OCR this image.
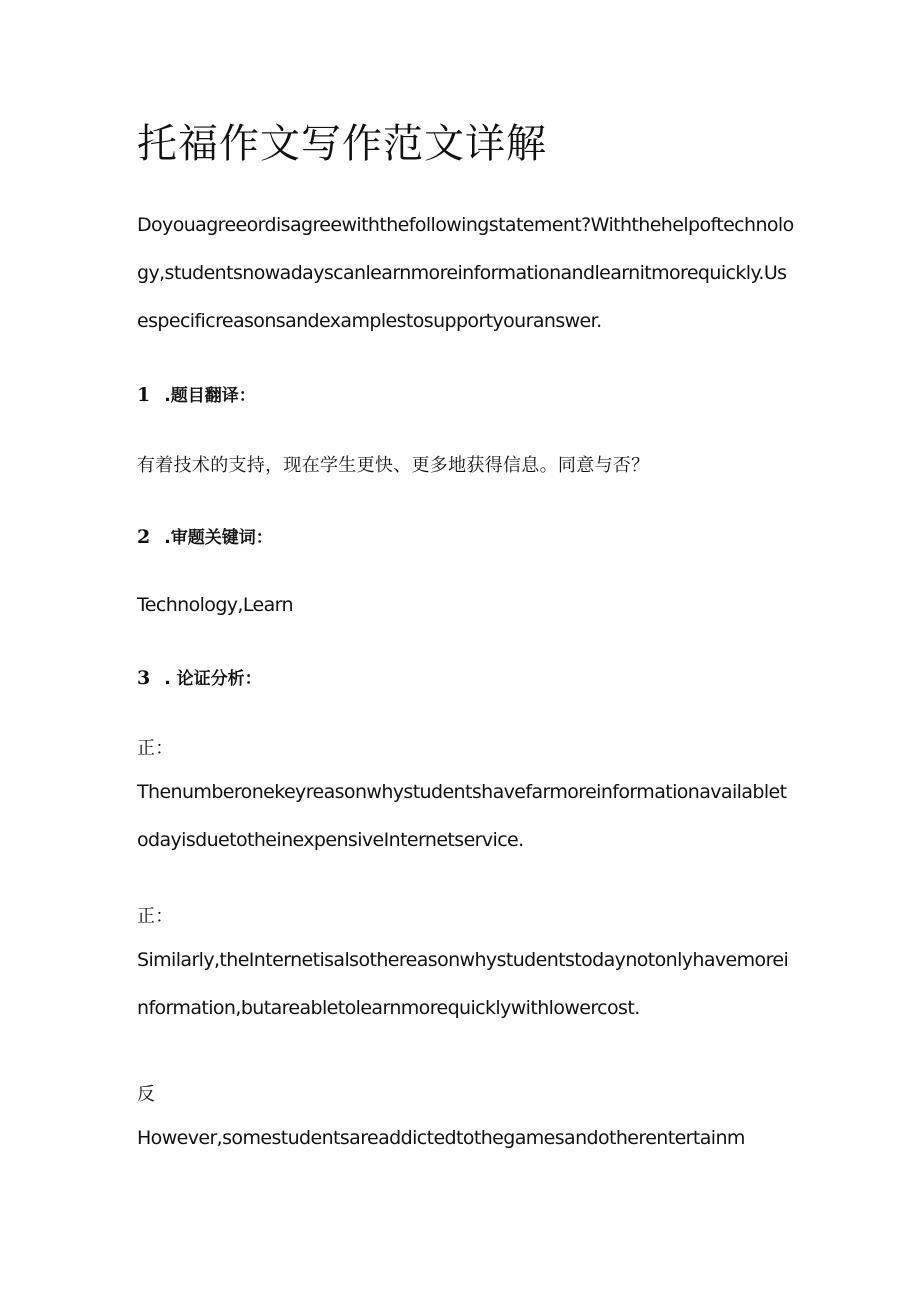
托福作文写作范文详解

Doyouagreeordisagreewiththefollowingstatement?Withthehelpoftechnology,studentsnowadayscanlearnmoreinformationandlearnitmorequickly.Usespecificreasonsandexamplestosupportyouranswer.

1 .题目翻译：

有着技术的支持，现在学生更快、更多地获得信息。同意与否？

2 .审题关键词：

Technology,Learn

3 . 论证分析：

正：

ThenumberonekeyreasonwhystudentshavefarmoreinformationavailabletodayisduetotheinexpensiveInternetservice.

正：

Similarly,theInternetisalsothereasonwhystudentstodaynotonlyhavemoreinformation,butareabletolearnmorequicklywithlowercost.

反

However,somestudentsareaddictedtothegamesandotherentertainm
